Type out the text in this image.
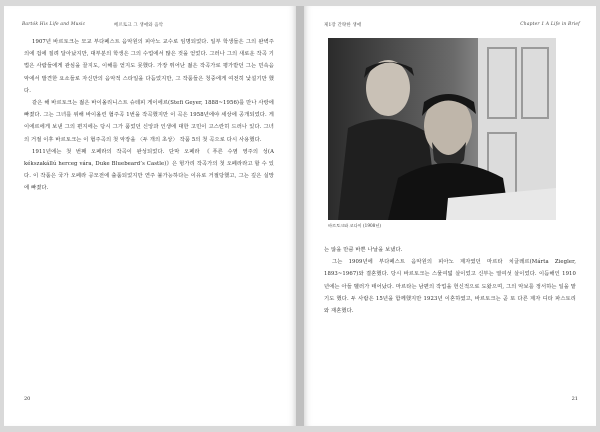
Bartók His Life and Music	베르토크 그 생애와 음악

1907년 바르토크는 모교 부다페스트 음악원의 피아노 교수로 임명되었다. 일부 학생들은 그의 완벽주의에 겁에 질려 달아났지만, 대부분의 학생은 그의 수업에서 많은 것을 얻었다. 그러나 그의 새로운 작곡 기법은 사람들에게 관심을 끌지도, 이해를 얻지도 못했다. 가장 뛰어난 젊은 작곡가로 평가받던 그는 민속음악에서 발견한 요소들로 자신만의 음악적 스타일을 다듬었지만, 그 작품들은 청중에게 여전히 낯설기만 했다.

같은 해 바르토크는 젊은 바이올리니스트 슈테피 게이에르(Stefi Geyer, 1888~1956)를 만나 사랑에 빠졌다. 그는 그녀를 위해 바이올린 협주곡 1번을 작곡했지만 이 곡은 1958년에야 세상에 공개되었다. 게이에르에게 보낸 그의 편지에는 당시 그가 품었던 신앙과 인생에 대한 고민이 고스란히 드러나 있다. 그녀의 거절 이후 바르토크는 이 협주곡의 첫 악장을 〈두 개의 초상〉 작품 5의 첫 곡으로 다시 사용했다.

1911년에는 첫 번째 오페라의 작곡이 완성되었다. 단막 오페라 《푸른 수염 영주의 성(A kékszakállú herceg vára, Duke Bluebeard’s Castle)》은 헝가리 작곡가의 첫 오페라라고 할 수 있다. 이 작품은 국가 오페라 공모전에 출품되었지만 연주 불가능하다는 이유로 거절당했고, 그는 깊은 실망에 빠졌다.

20
제1장 간략한 생애	Chapter 1 A Life in Brief
바르토크와 코다이 (1908년)

는 않을 만큼 바쁜 나날을 보냈다.

그는 1909년에 부다페스트 음악원의 피아노 제자였던 마르타 치글레르(Márta Ziegler, 1893~1967)와 결혼했다. 당시 바르토크는 스물여덟 살이었고 신부는 열여섯 살이었다. 이듬해인 1910년에는 아들 벨러가 태어났다. 마르타는 남편의 작업을 헌신적으로 도왔으며, 그의 악보를 정서하는 일을 맡기도 했다. 두 사람은 15년을 함께했지만 1923년 이혼하였고, 바르토크는 곧 또 다른 제자 디타 파스토리와 재혼했다.

21
